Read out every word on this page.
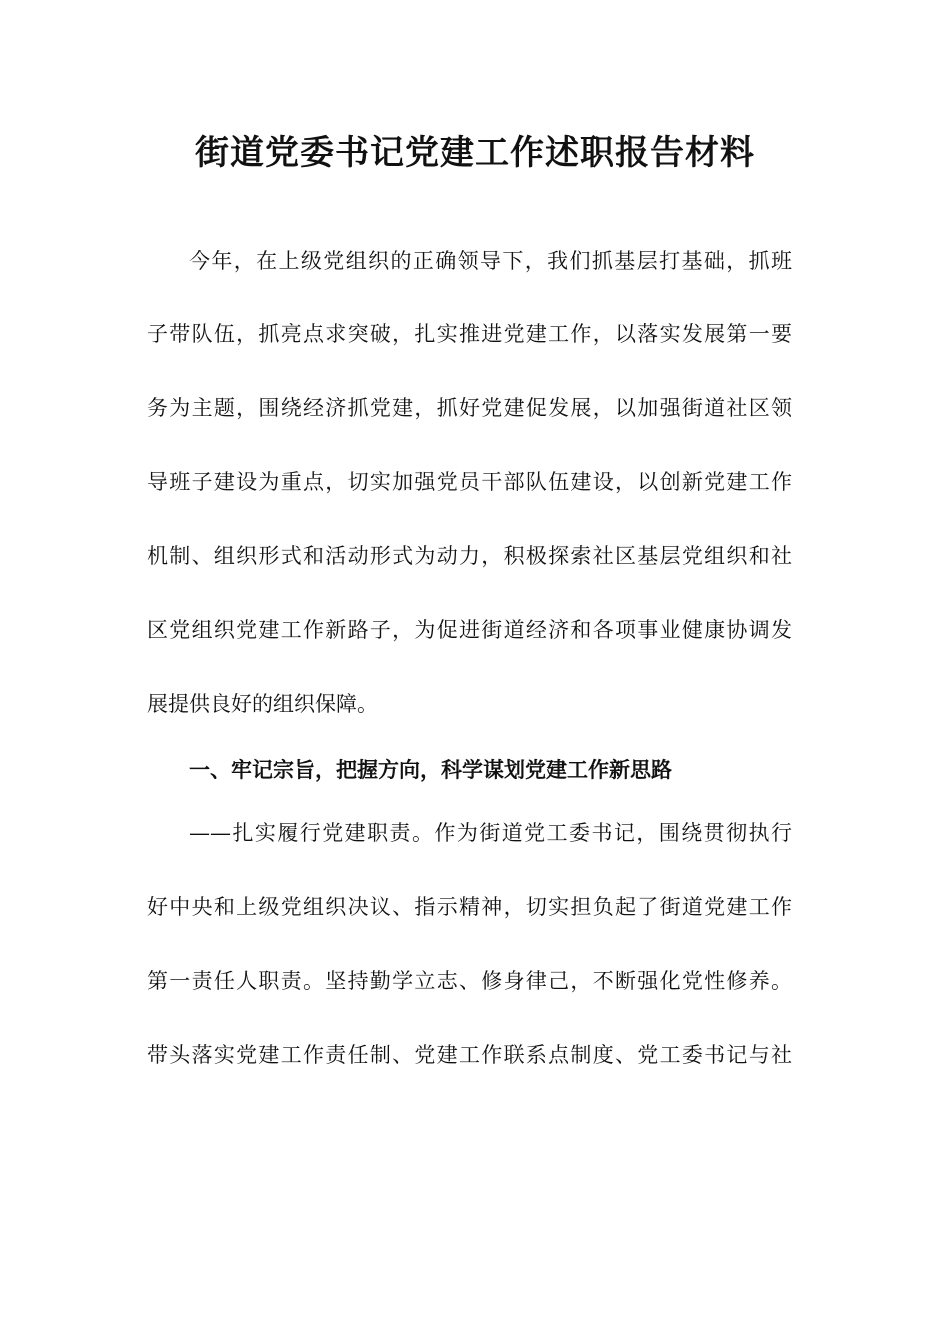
街道党委书记党建工作述职报告材料
今年，在上级党组织的正确领导下，我们抓基层打基础，抓班
子带队伍，抓亮点求突破，扎实推进党建工作，以落实发展第一要
务为主题，围绕经济抓党建，抓好党建促发展，以加强街道社区领
导班子建设为重点，切实加强党员干部队伍建设，以创新党建工作
机制、组织形式和活动形式为动力，积极探索社区基层党组织和社
区党组织党建工作新路子，为促进街道经济和各项事业健康协调发
展提供良好的组织保障。
一、牢记宗旨，把握方向，科学谋划党建工作新思路
——扎实履行党建职责。作为街道党工委书记，围绕贯彻执行
好中央和上级党组织决议、指示精神，切实担负起了街道党建工作
第一责任人职责。坚持勤学立志、修身律己，不断强化党性修养。
带头落实党建工作责任制、党建工作联系点制度、党工委书记与社
